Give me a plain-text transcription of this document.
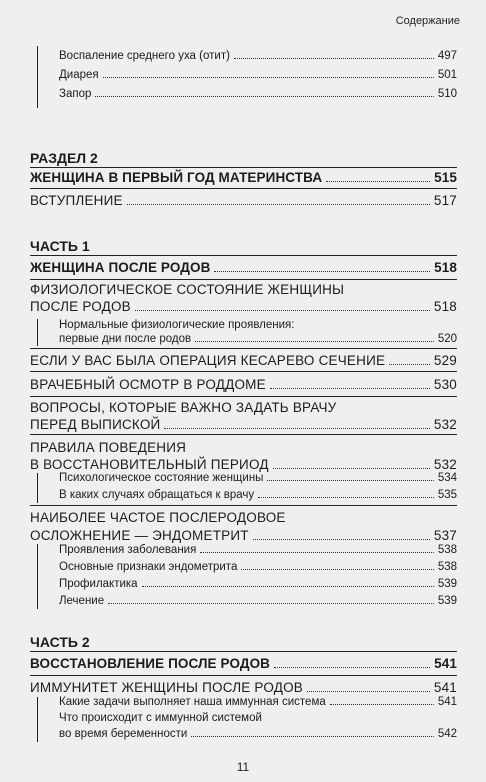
Содержание
Воспаление среднего уха (отит)	497
Диарея	501
Запор	510
РАЗДЕЛ 2
ЖЕНЩИНА В ПЕРВЫЙ ГОД МАТЕРИНСТВА	515
ВСТУПЛЕНИЕ	517
ЧАСТЬ 1
ЖЕНЩИНА ПОСЛЕ РОДОВ	518
ФИЗИОЛОГИЧЕСКОЕ СОСТОЯНИЕ ЖЕНЩИНЫ
ПОСЛЕ РОДОВ	518
Нормальные физиологические проявления:
первые дни после родов	520
ЕСЛИ У ВАС БЫЛА ОПЕРАЦИЯ КЕСАРЕВО СЕЧЕНИЕ	529
ВРАЧЕБНЫЙ ОСМОТР В РОДДОМЕ	530
ВОПРОСЫ, КОТОРЫЕ ВАЖНО ЗАДАТЬ ВРАЧУ
ПЕРЕД ВЫПИСКОЙ	532
ПРАВИЛА ПОВЕДЕНИЯ
В ВОССТАНОВИТЕЛЬНЫЙ ПЕРИОД	532
Психологическое состояние женщины	534
В каких случаях обращаться к врачу	535
НАИБОЛЕЕ ЧАСТОЕ ПОСЛЕРОДОВОЕ
ОСЛОЖНЕНИЕ — ЭНДОМЕТРИТ	537
Проявления заболевания	538
Основные признаки эндометрита	538
Профилактика	539
Лечение	539
ЧАСТЬ 2
ВОССТАНОВЛЕНИЕ ПОСЛЕ РОДОВ	541
ИММУНИТЕТ ЖЕНЩИНЫ ПОСЛЕ РОДОВ	541
Какие задачи выполняет наша иммунная система	541
Что происходит с иммунной системой
во время беременности	542
11
